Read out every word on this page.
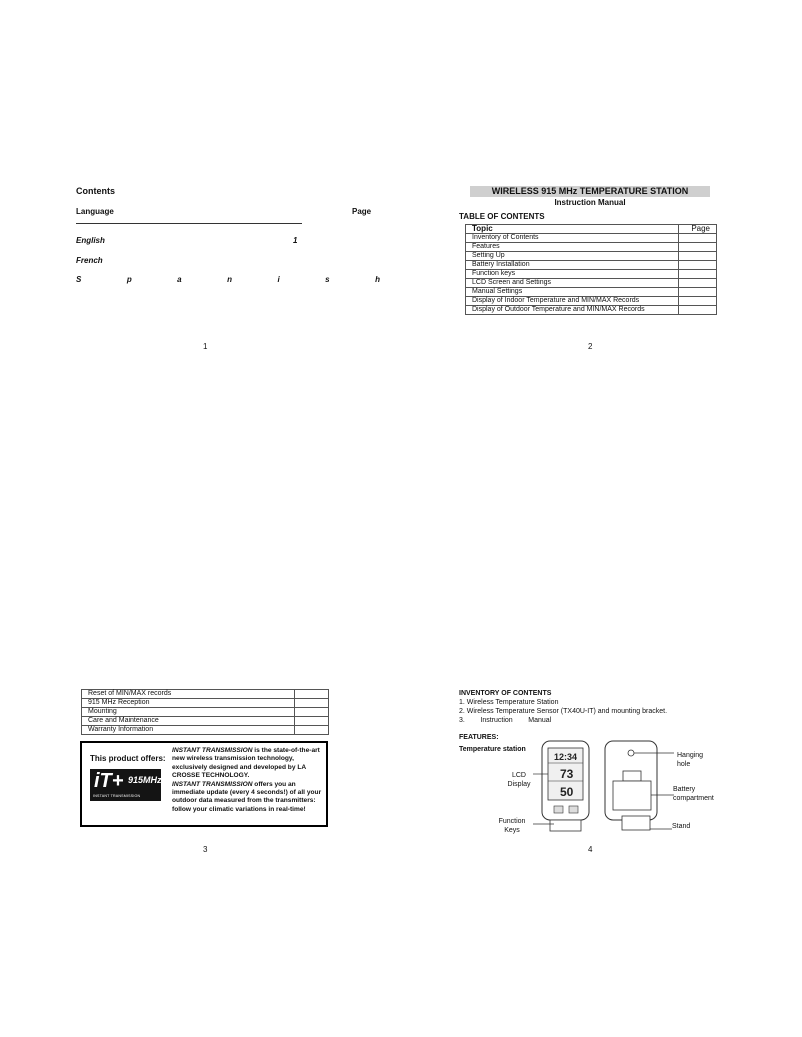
Contents
Language	Page
English	1
French
S	p	a	n	i	s	h
1
WIRELESS 915 MHz TEMPERATURE STATION
Instruction Manual
TABLE OF CONTENTS
Topic	Page
Inventory of Contents	
Features	
Setting Up	
Battery Installation	
Function keys	
LCD Screen and Settings	
Manual Settings	
Display of Indoor Temperature and MIN/MAX Records	
Display of Outdoor Temperature and MIN/MAX Records	
2
Reset of MIN/MAX records	
915 MHz Reception	
Mounting	
Care and Maintenance	
Warranty Information	
This product offers:
iT+ 915MHz
INSTANT TRANSMISSION
INSTANT TRANSMISSION is the state-of-the-art new wireless transmission technology, exclusively designed and developed by LA CROSSE TECHNOLOGY.
INSTANT TRANSMISSION offers you an immediate update (every 4 seconds!) of all your outdoor data measured from the transmitters: follow your climatic variations in real-time!
3
INVENTORY OF CONTENTS
1. Wireless Temperature Station
2. Wireless Temperature Sensor (TX40U-IT) and mounting bracket.
3.        Instruction        Manual
FEATURES:
Temperature station
LCD Display
Function Keys
Hanging hole
Battery compartment
Stand
12:34
73
50
4
